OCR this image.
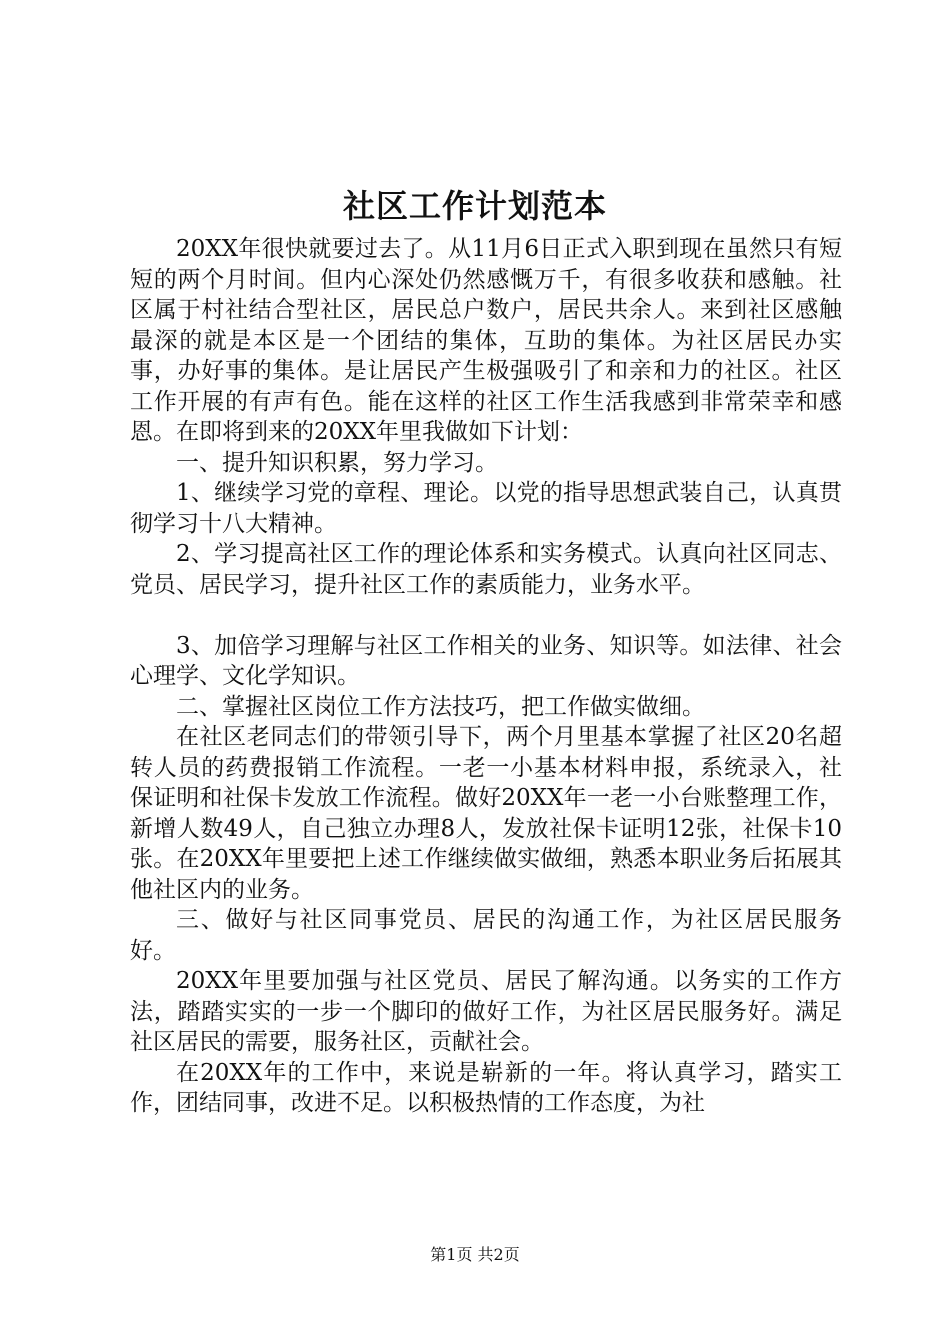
社区工作计划范本

20XX年很快就要过去了。从11月6日正式入职到现在虽然只有短短的两个月时间。但内心深处仍然感慨万千，有很多收获和感触。社区属于村社结合型社区，居民总户数户，居民共余人。来到社区感触最深的就是本区是一个团结的集体，互助的集体。为社区居民办实事，办好事的集体。是让居民产生极强吸引了和亲和力的社区。社区工作开展的有声有色。能在这样的社区工作生活我感到非常荣幸和感恩。在即将到来的20XX年里我做如下计划：

一、提升知识积累，努力学习。

1、继续学习党的章程、理论。以党的指导思想武装自己，认真贯彻学习十八大精神。

2、学习提高社区工作的理论体系和实务模式。认真向社区同志、党员、居民学习，提升社区工作的素质能力，业务水平。

3、加倍学习理解与社区工作相关的业务、知识等。如法律、社会心理学、文化学知识。

二、掌握社区岗位工作方法技巧，把工作做实做细。

在社区老同志们的带领引导下，两个月里基本掌握了社区20名超转人员的药费报销工作流程。一老一小基本材料申报，系统录入，社保证明和社保卡发放工作流程。做好20XX年一老一小台账整理工作，新增人数49人，自己独立办理8人，发放社保卡证明12张，社保卡10张。在20XX年里要把上述工作继续做实做细，熟悉本职业务后拓展其他社区内的业务。

三、做好与社区同事党员、居民的沟通工作，为社区居民服务好。

20XX年里要加强与社区党员、居民了解沟通。以务实的工作方法，踏踏实实的一步一个脚印的做好工作，为社区居民服务好。满足社区居民的需要，服务社区，贡献社会。

在20XX年的工作中，来说是崭新的一年。将认真学习，踏实工作，团结同事，改进不足。以积极热情的工作态度，为社

第1页 共2页
